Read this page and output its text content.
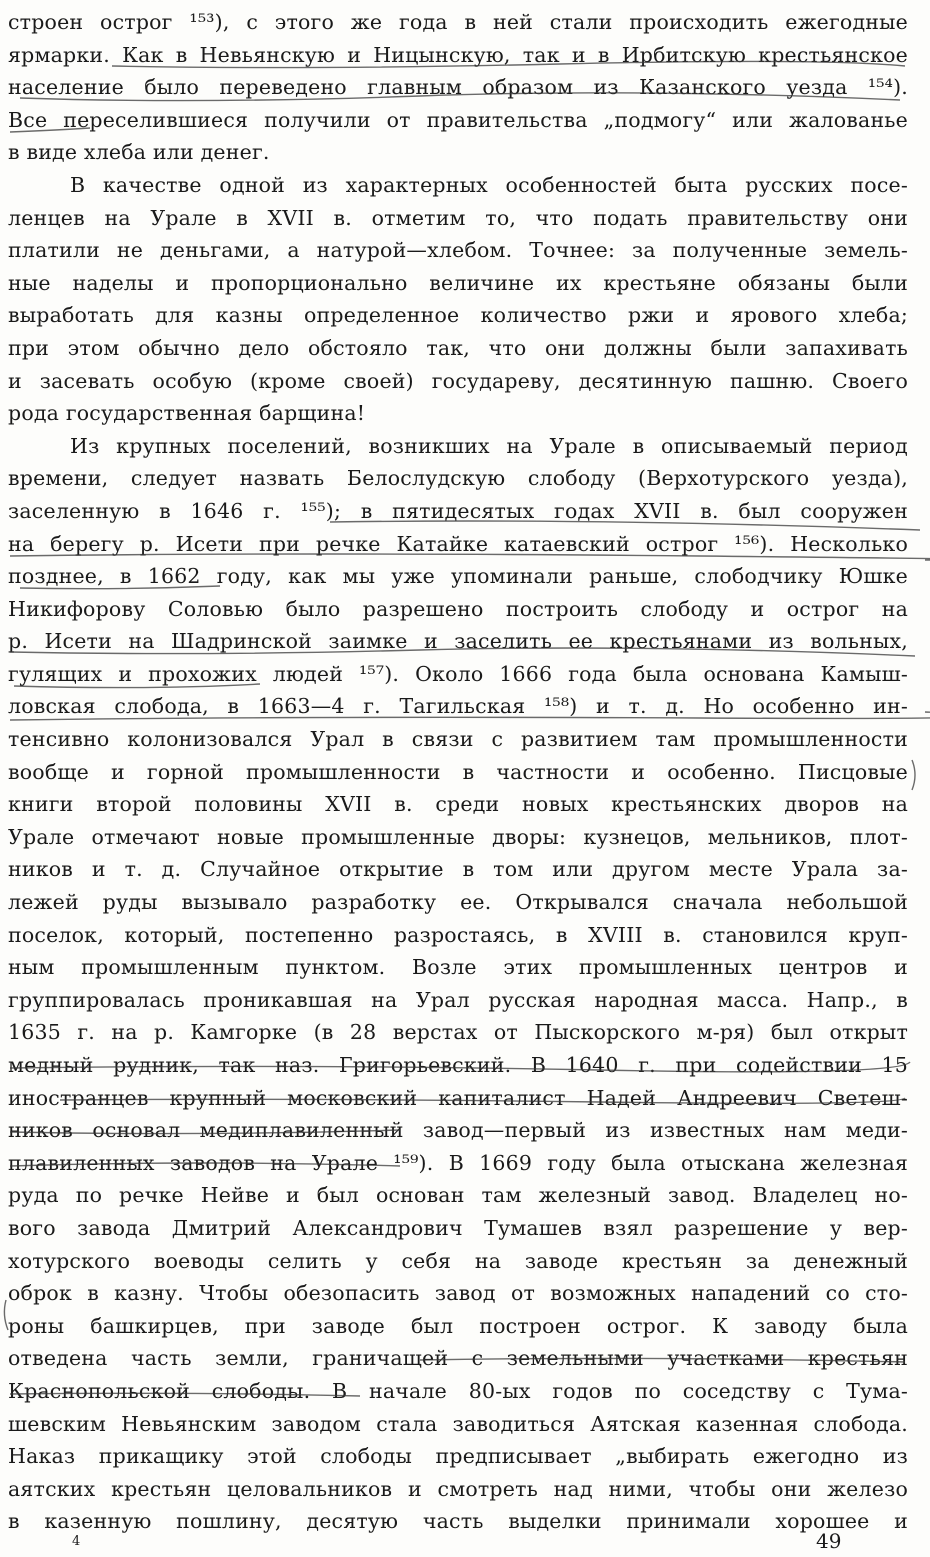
строен острог ¹⁵³), с этого же года в ней стали происходить ежегодные
ярмарки. Как в Невьянскую и Ницынскую, так и в Ирбитскую крестьянское
население было переведено главным образом из Казанского уезда ¹⁵⁴).
Все переселившиеся получили от правительства „подмогу“ или жалованье
в виде хлеба или денег.
В качестве одной из характерных особенностей быта русских посе-
ленцев на Урале в XVII в. отметим то, что подать правительству они
платили не деньгами, а натурой—хлебом. Точнее: за полученные земель-
ные наделы и пропорционально величине их крестьяне обязаны были
выработать для казны определенное количество ржи и ярового хлеба;
при этом обычно дело обстояло так, что они должны были запахивать
и засевать особую (кроме своей) государеву, десятинную пашню. Своего
рода государственная барщина!
Из крупных поселений, возникших на Урале в описываемый период
времени, следует назвать Белослудскую слободу (Верхотурского уезда),
заселенную в 1646 г. ¹⁵⁵); в пятидесятых годах XVII в. был сооружен
на берегу р. Исети при речке Катайке катаевский острог ¹⁵⁶). Несколько
позднее, в 1662 году, как мы уже упоминали раньше, слободчику Юшке
Никифорову Соловью было разрешено построить слободу и острог на
р. Исети на Шадринской заимке и заселить ее крестьянами из вольных,
гулящих и прохожих людей ¹⁵⁷). Около 1666 года была основана Камыш-
ловская слобода, в 1663—4 г. Тагильская ¹⁵⁸) и т. д. Но особенно ин-
тенсивно колонизовался Урал в связи с развитием там промышленности
вообще и горной промышленности в частности и особенно. Писцовые
книги второй половины XVII в. среди новых крестьянских дворов на
Урале отмечают новые промышленные дворы: кузнецов, мельников, плот-
ников и т. д. Случайное открытие в том или другом месте Урала за-
лежей руды вызывало разработку ее. Открывался сначала небольшой
поселок, который, постепенно разростаясь, в XVIII в. становился круп-
ным промышленным пунктом. Возле этих промышленных центров и
группировалась проникавшая на Урал русская народная масса. Напр., в
1635 г. на р. Камгорке (в 28 верстах от Пыскорского м-ря) был открыт
медный рудник, так наз. Григорьевский. В 1640 г. при содействии 15
иностранцев крупный московский капиталист Надей Андреевич Светеш-
ников основал медиплавиленный завод—первый из известных нам меди-
плавиленных заводов на Урале ¹⁵⁹). В 1669 году была отыскана железная
руда по речке Нейве и был основан там железный завод. Владелец но-
вого завода Дмитрий Александрович Тумашев взял разрешение у вер-
хотурского воеводы селить у себя на заводе крестьян за денежный
оброк в казну. Чтобы обезопасить завод от возможных нападений со сто-
роны башкирцев, при заводе был построен острог. К заводу была
отведена часть земли, граничащей с земельными участками крестьян
Краснопольской слободы. В начале 80-ых годов по соседству с Тума-
шевским Невьянским заводом стала заводиться Аятская казенная слобода.
Наказ прикащику этой слободы предписывает „выбирать ежегодно из
аятских крестьян целовальников и смотреть над ними, чтобы они железо
в казенную пошлину, десятую часть выделки принимали хорошее и
4	49
